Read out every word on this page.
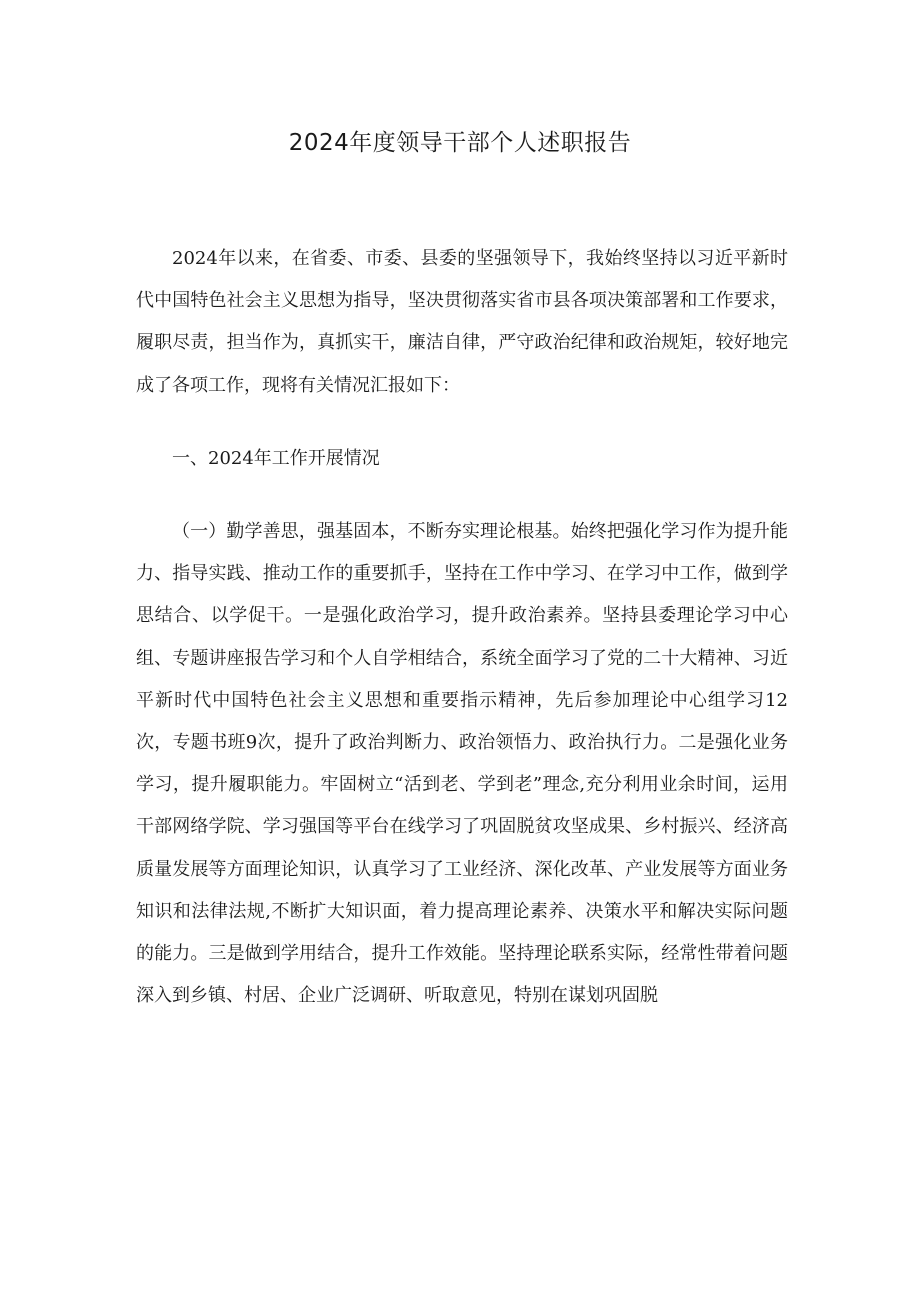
2024年度领导干部个人述职报告

2024年以来，在省委、市委、县委的坚强领导下，我始终坚持以习近平新时代中国特色社会主义思想为指导，坚决贯彻落实省市县各项决策部署和工作要求，履职尽责，担当作为，真抓实干，廉洁自律，严守政治纪律和政治规矩，较好地完成了各项工作，现将有关情况汇报如下：

一、2024年工作开展情况

（一）勤学善思，强基固本，不断夯实理论根基。始终把强化学习作为提升能力、指导实践、推动工作的重要抓手，坚持在工作中学习、在学习中工作，做到学思结合、以学促干。一是强化政治学习，提升政治素养。坚持县委理论学习中心组、专题讲座报告学习和个人自学相结合，系统全面学习了党的二十大精神、习近平新时代中国特色社会主义思想和重要指示精神，先后参加理论中心组学习12次，专题书班9次，提升了政治判断力、政治领悟力、政治执行力。二是强化业务学习，提升履职能力。牢固树立“活到老、学到老”理念,充分利用业余时间，运用干部网络学院、学习强国等平台在线学习了巩固脱贫攻坚成果、乡村振兴、经济高质量发展等方面理论知识，认真学习了工业经济、深化改革、产业发展等方面业务知识和法律法规,不断扩大知识面，着力提高理论素养、决策水平和解决实际问题的能力。三是做到学用结合，提升工作效能。坚持理论联系实际，经常性带着问题深入到乡镇、村居、企业广泛调研、听取意见，特别在谋划巩固脱
